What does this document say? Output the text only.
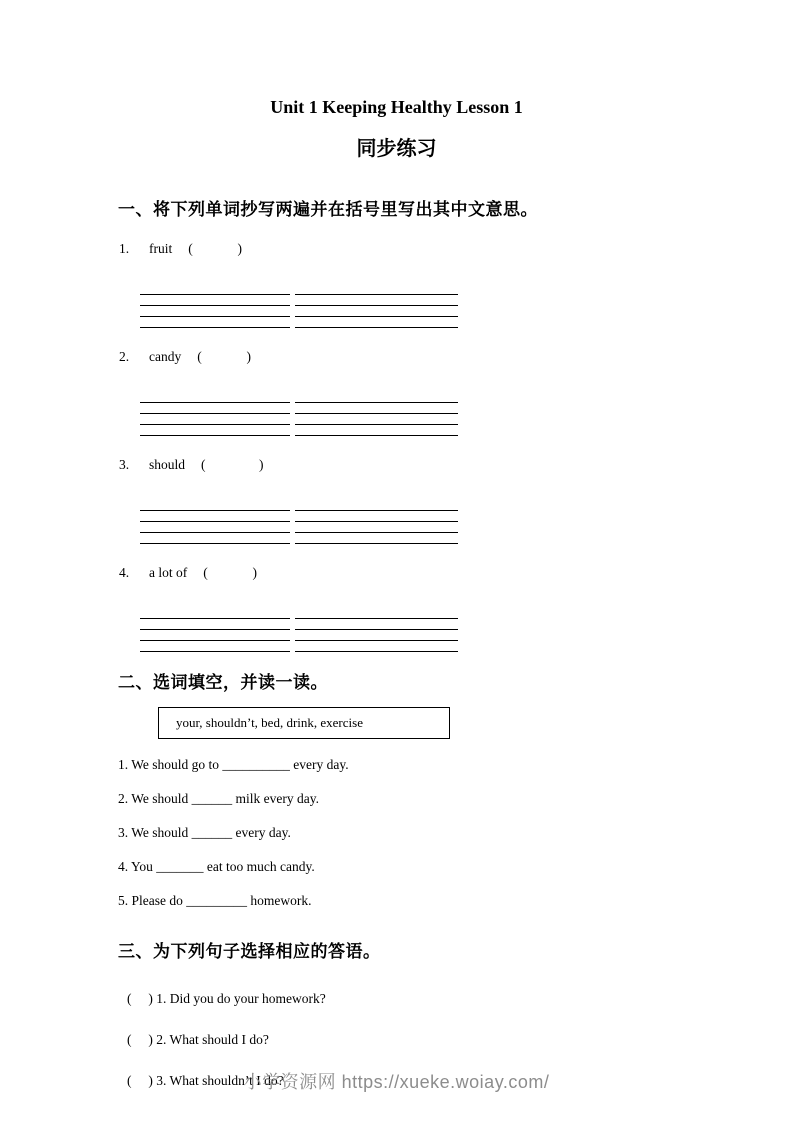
Unit 1 Keeping Healthy Lesson 1
同步练习
一、将下列单词抄写两遍并在括号里写出其中文意思。
1. fruit (          )
2. candy (          )
3. should (            )
4. a lot of (          )
二、选词填空，并读一读。
your, shouldn’t, bed, drink, exercise
1. We should go to __________ every day.
2. We should ______ milk every day.
3. We should ______ every day.
4. You _______ eat too much candy.
5. Please do _________ homework.
三、为下列句子选择相应的答语。
(     ) 1. Did you do your homework?
(     ) 2. What should I do?
(     ) 3. What shouldn’t I do?
小学资源网 https://xueke.woiay.com/
